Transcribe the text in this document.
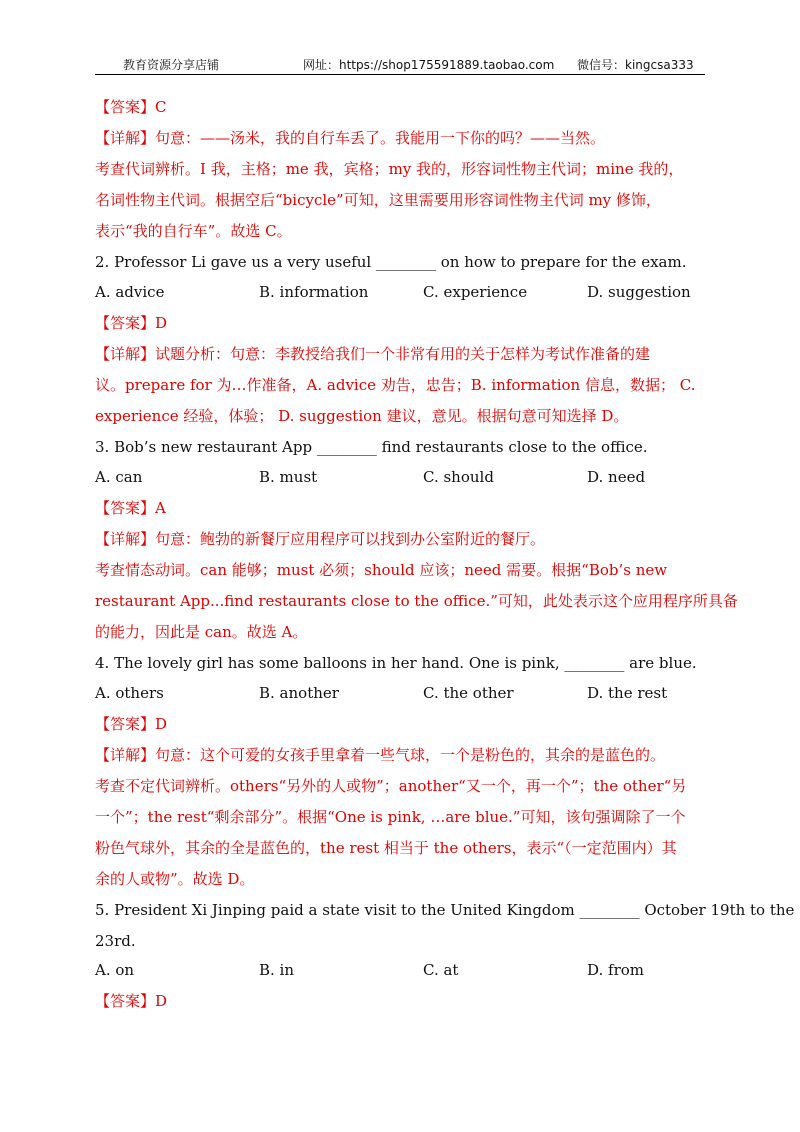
教育资源分享店铺	网址：https://shop175591889.taobao.com 微信号：kingcsa333
【答案】C
【详解】句意：——汤米，我的自行车丢了。我能用一下你的吗？——当然。
考查代词辨析。I 我，主格；me 我，宾格；my 我的，形容词性物主代词；mine 我的，
名词性物主代词。根据空后“bicycle”可知，这里需要用形容词性物主代词 my 修饰，
表示“我的自行车”。故选 C。
2. Professor Li gave us a very useful ________ on how to prepare for the exam.
A. advice	B. information	C. experience	D. suggestion
【答案】D
【详解】试题分析：句意：李教授给我们一个非常有用的关于怎样为考试作准备的建
议。prepare for 为…作准备，A. advice 劝告，忠告；B. information 信息，数据； C.
experience 经验，体验； D. suggestion 建议，意见。根据句意可知选择 D。
3. Bob’s new restaurant App ________ find restaurants close to the office.
A. can	B. must	C. should	D. need
【答案】A
【详解】句意：鲍勃的新餐厅应用程序可以找到办公室附近的餐厅。
考查情态动词。can 能够；must 必须；should 应该；need 需要。根据“Bob’s new
restaurant App...find restaurants close to the office.”可知，此处表示这个应用程序所具备
的能力，因此是 can。故选 A。
4. The lovely girl has some balloons in her hand. One is pink, ________ are blue.
A. others	B. another	C. the other	D. the rest
【答案】D
【详解】句意：这个可爱的女孩手里拿着一些气球，一个是粉色的，其余的是蓝色的。
考查不定代词辨析。others“另外的人或物”；another“又一个，再一个”；the other“另
一个”；the rest“剩余部分”。根据“One is pink, …are blue.”可知，该句强调除了一个
粉色气球外，其余的全是蓝色的，the rest 相当于 the others，表示“（一定范围内）其
余的人或物”。故选 D。
5. President Xi Jinping paid a state visit to the United Kingdom ________ October 19th to the
23rd.
A. on	B. in	C. at	D. from
【答案】D
